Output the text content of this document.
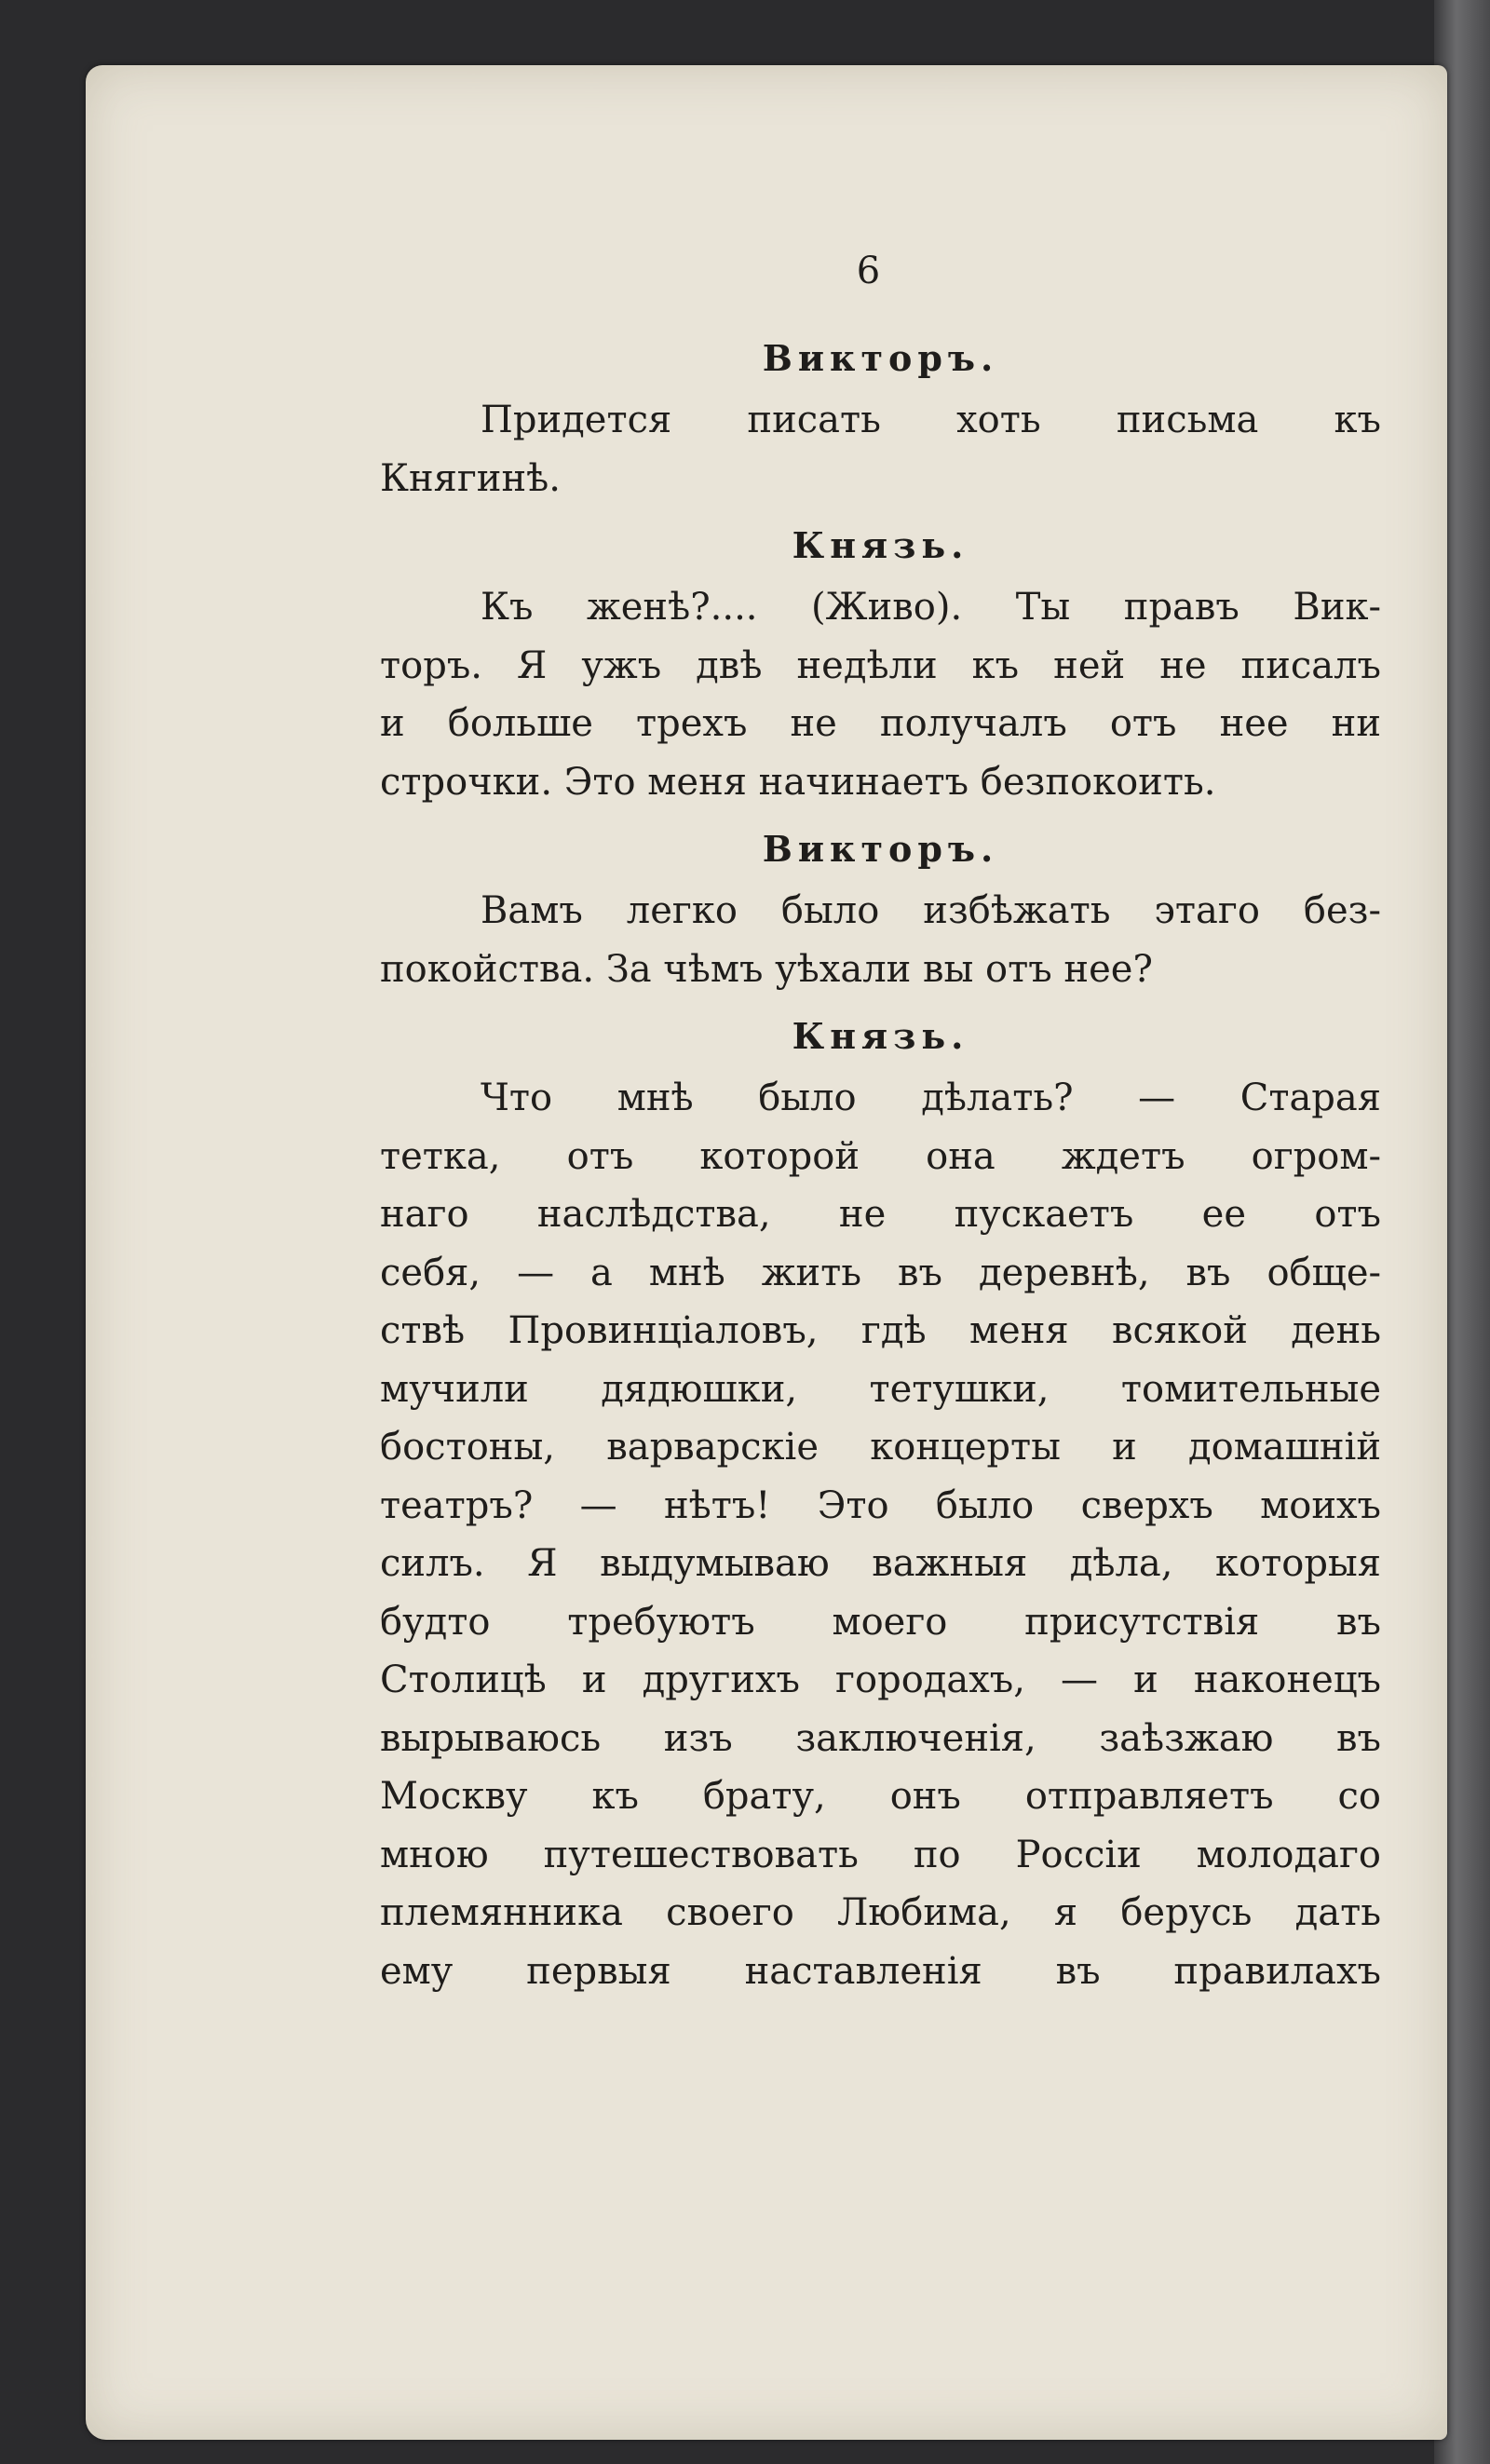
6
Викторъ.
Придется писать хоть письма къ
Княгинѣ.
Князь.
Къ женѣ?.... (Живо). Ты правъ Вик-
торъ. Я ужъ двѣ недѣли къ ней не писалъ
и больше трехъ не получалъ отъ нее ни
строчки. Это меня начинаетъ безпокоить.
Викторъ.
Вамъ легко было избѣжать этаго без-
покойства. За чѣмъ уѣхали вы отъ нее?
Князь.
Что мнѣ было дѣлать? — Старая
тетка, отъ которой она ждетъ огром-
наго наслѣдства, не пускаетъ ее отъ
себя, — а мнѣ жить въ деревнѣ, въ обще-
ствѣ Провинціаловъ, гдѣ меня всякой день
мучили дядюшки, тетушки, томительные
бостоны, варварскіе концерты и домашній
театръ? — нѣтъ! Это было сверхъ моихъ
силъ. Я выдумываю важныя дѣла, которыя
будто требуютъ моего присутствія въ
Столицѣ и другихъ городахъ, — и наконецъ
вырываюсь изъ заключенія, заѣзжаю въ
Москву къ брату, онъ отправляетъ со
мною путешествовать по Россіи молодаго
племянника своего Любима, я берусь дать
ему первыя наставленія въ правилахъ
